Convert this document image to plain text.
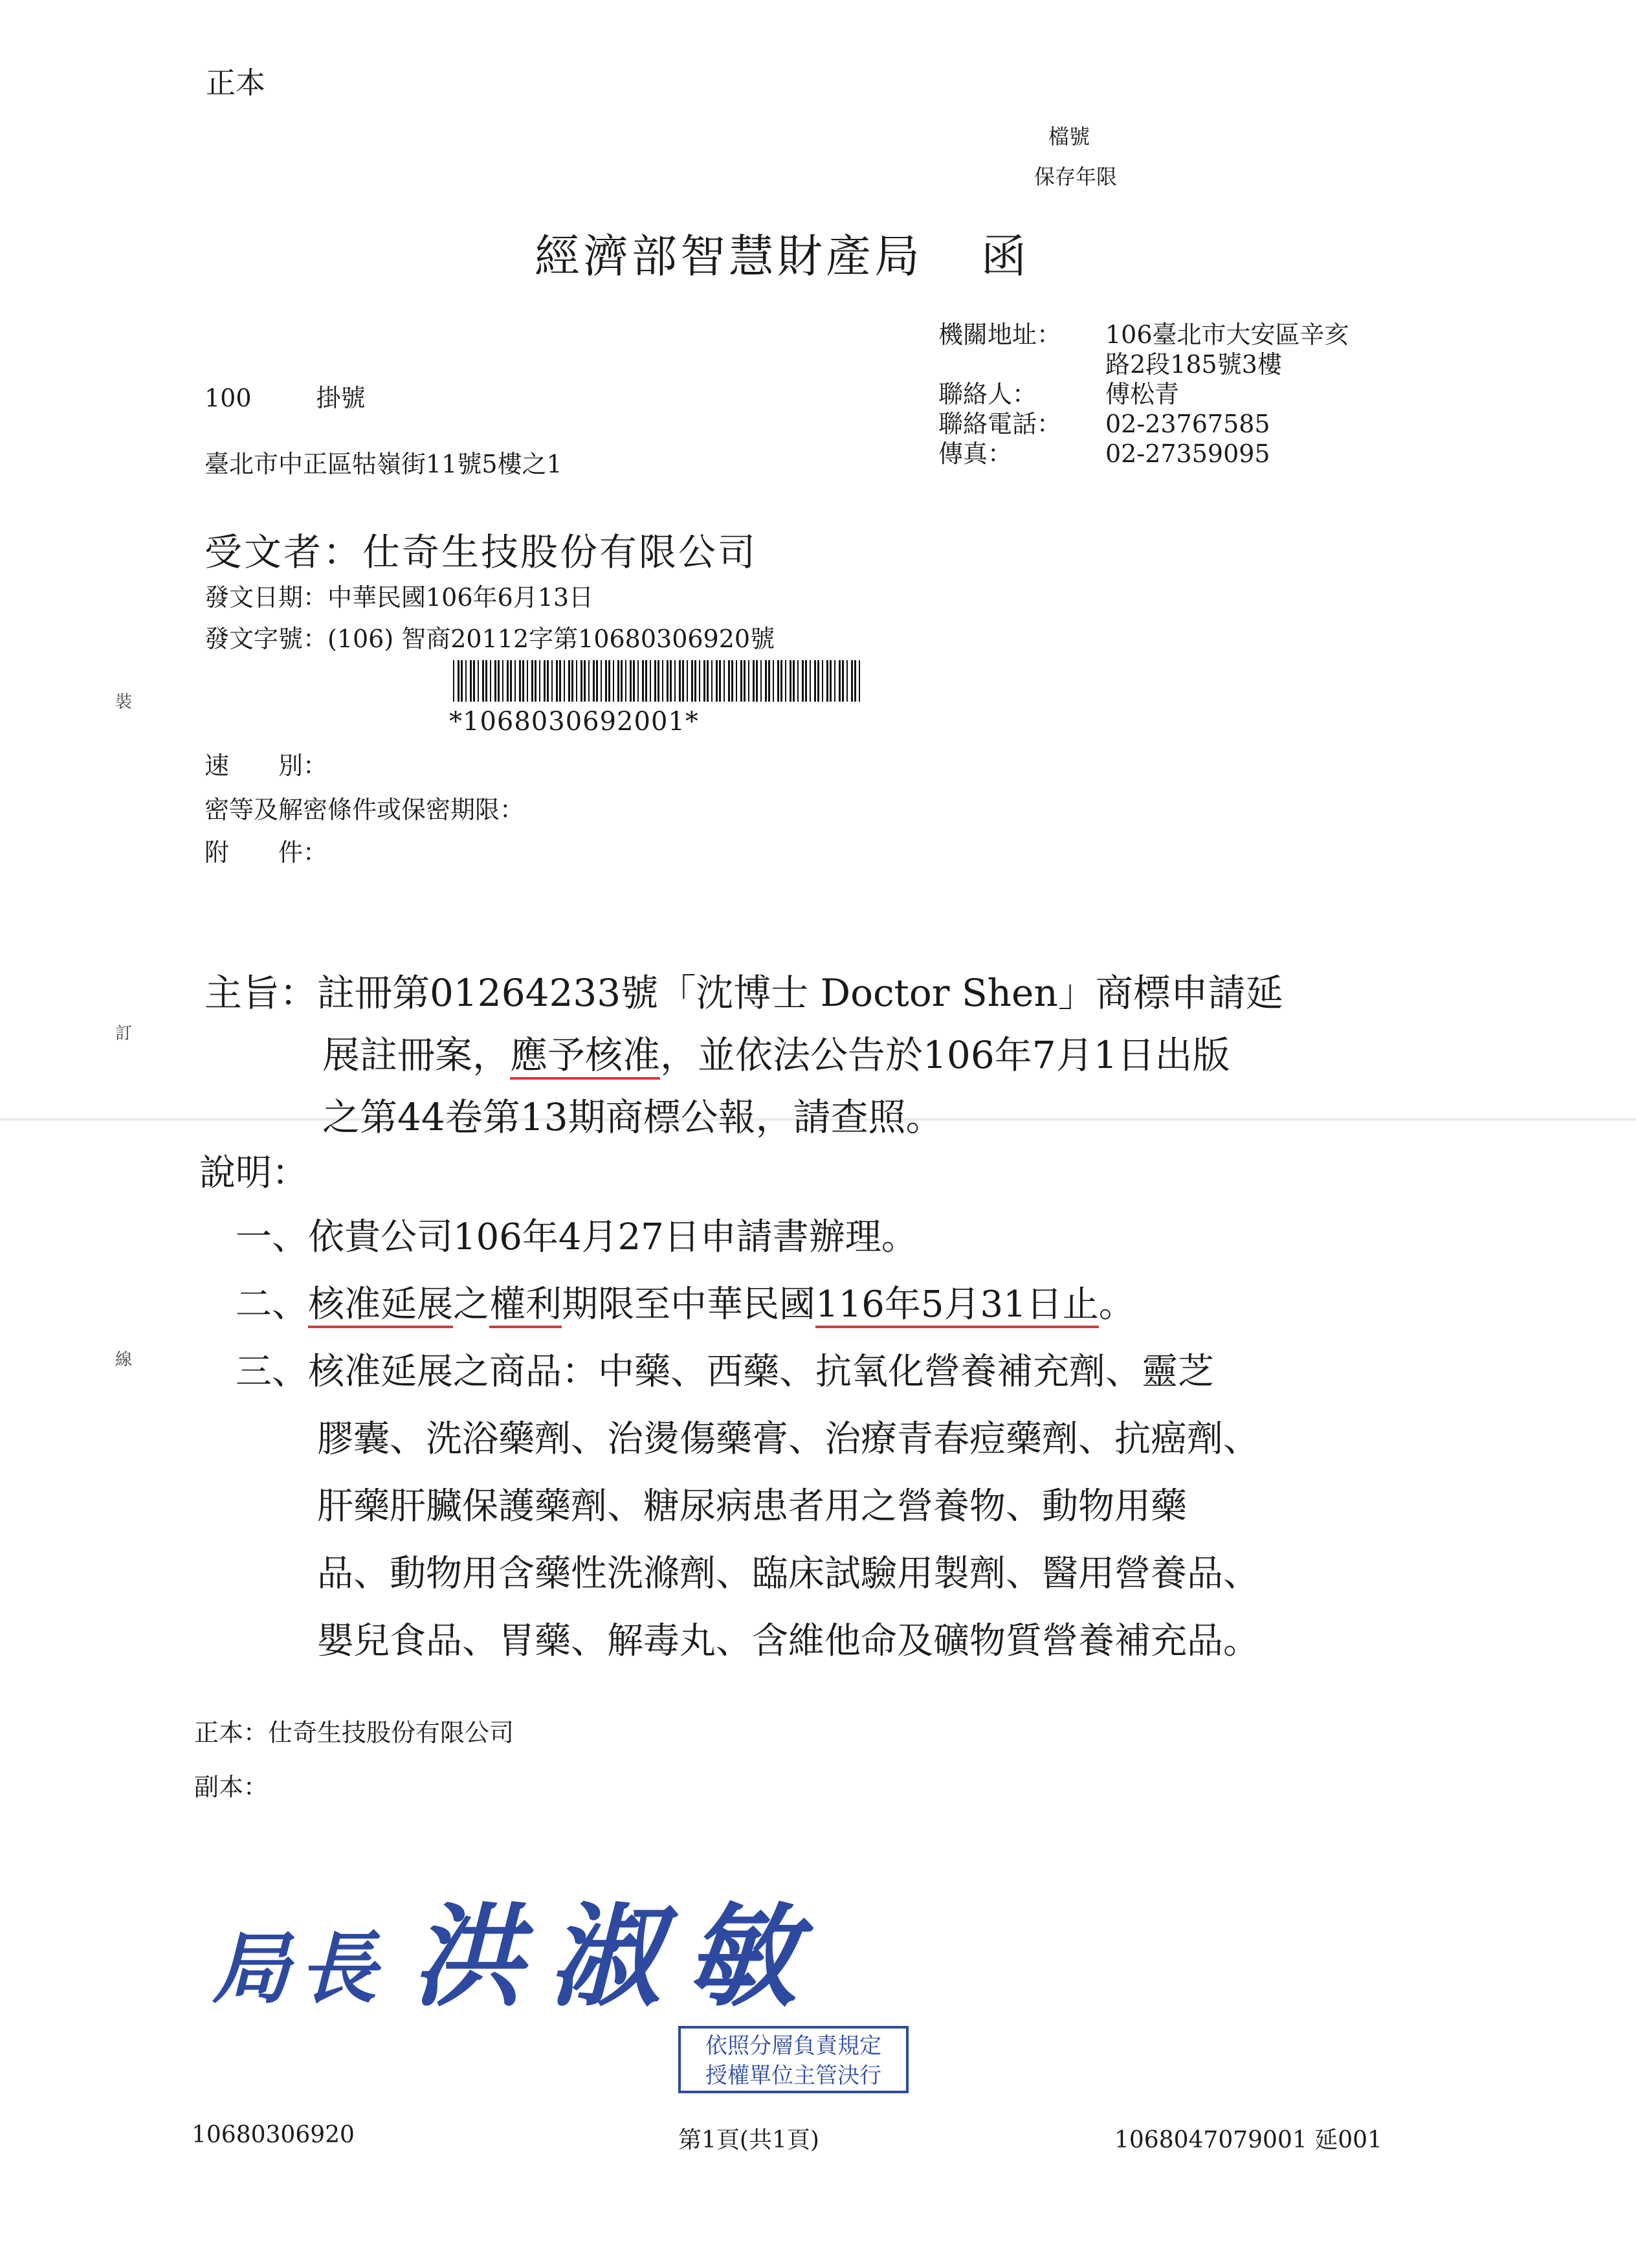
裝
訂
線
正本
檔號
保存年限
經濟部智慧財產局 函
機關地址：	106臺北市大安區辛亥
路2段185號3樓
聯絡人：	傅松青
聯絡電話：	02-23767585
傳真：	02-27359095
100	掛號
臺北市中正區牯嶺街11號5樓之1
受文者：仕奇生技股份有限公司
發文日期：中華民國106年6月13日
發文字號：(106) 智商20112字第10680306920號
*1068030692001*
速　　別：
密等及解密條件或保密期限：
附　　件：
主旨：註冊第01264233號「沈博士 Doctor Shen」商標申請延
展註冊案，應予核准，並依法公告於106年7月1日出版
之第44卷第13期商標公報，請查照。
說明：
一、依貴公司106年4月27日申請書辦理。
二、核准延展之權利期限至中華民國116年5月31日止。
三、核准延展之商品：中藥、西藥、抗氧化營養補充劑、靈芝
膠囊、洗浴藥劑、治燙傷藥膏、治療青春痘藥劑、抗癌劑、
肝藥肝臟保護藥劑、糖尿病患者用之營養物、動物用藥
品、動物用含藥性洗滌劑、臨床試驗用製劑、醫用營養品、
嬰兒食品、胃藥、解毒丸、含維他命及礦物質營養補充品。
正本：仕奇生技股份有限公司
副本：
局長 洪淑敏
依照分層負責規定
授權單位主管決行
10680306920	第1頁(共1頁)	1068047079001 延001
